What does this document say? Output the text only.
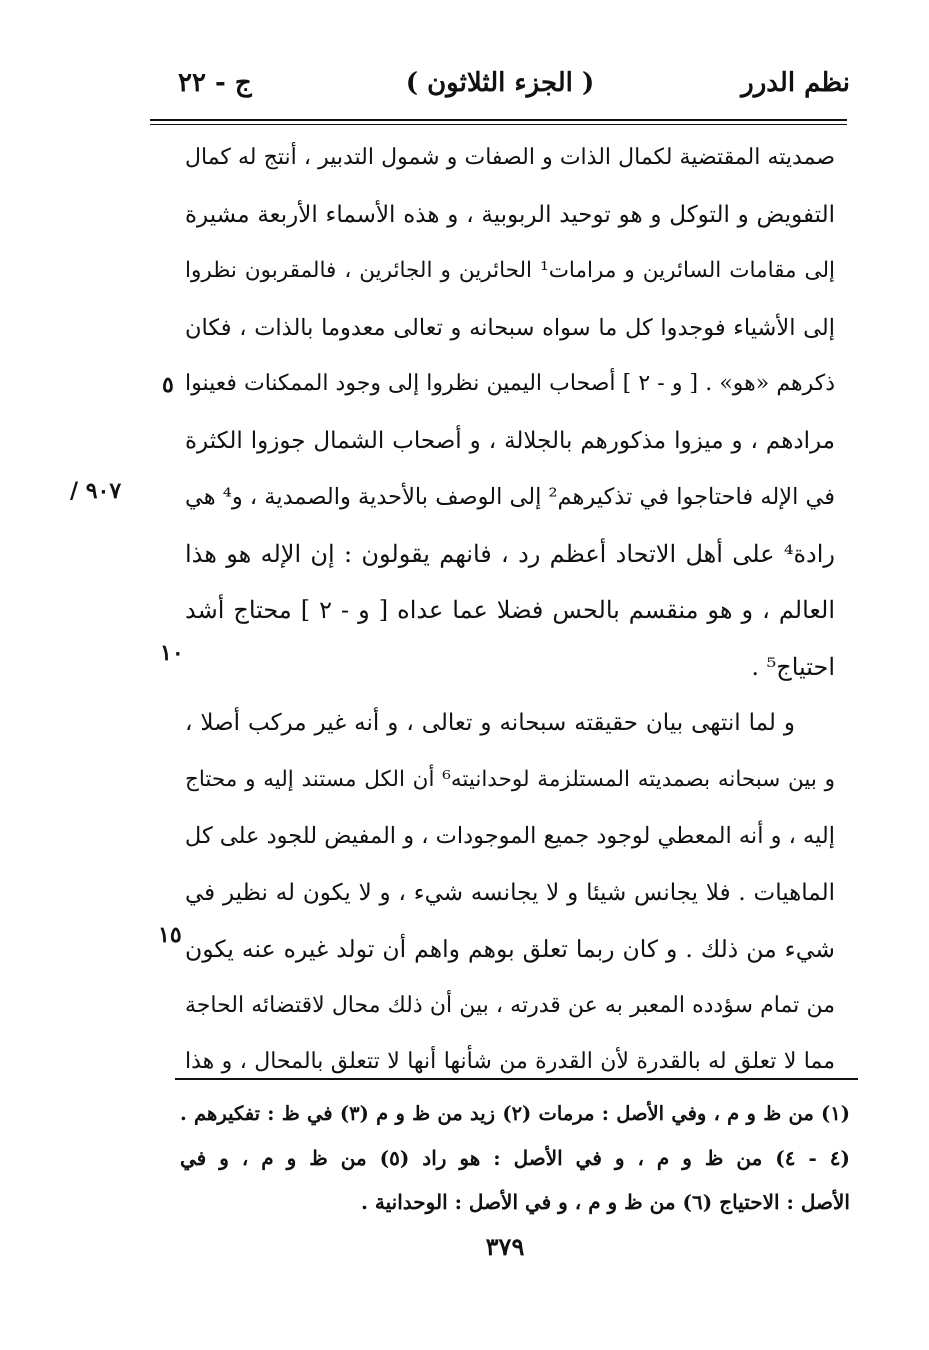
نظم الدرر
( الجزء الثلاثون )
ج - ٢٢
صمديته المقتضية لكمال الذات و الصفات و شمول التدبير ، أنتج له كمال
التفويض و التوكل و هو توحيد الربوبية ، و هذه الأسماء الأربعة مشيرة
إلى مقامات السائرين و مرامات¹ الحائرين و الجائرين ، فالمقربون نظروا
إلى الأشياء فوجدوا كل ما سواه سبحانه و تعالى معدوما بالذات ، فكان
ذكرهم «هو» . [ و - ٢ ] أصحاب اليمين نظروا إلى وجود الممكنات فعينوا
مرادهم ، و ميزوا مذكورهم بالجلالة ، و أصحاب الشمال جوزوا الكثرة
في الإله فاحتاجوا في تذكيرهم² إلى الوصف بالأحدية والصمدية ، و⁴ هي
رادة⁴ على أهل الاتحاد أعظم رد ، فانهم يقولون : إن الإله هو هذا
العالم ، و هو منقسم بالحس فضلا عما عداه [ و - ٢ ] محتاج أشد
احتياج⁵ .
و لما انتهى بيان حقيقته سبحانه و تعالى ، و أنه غير مركب أصلا ،
و بين سبحانه بصمديته المستلزمة لوحدانيته⁶ أن الكل مستند إليه و محتاج
إليه ، و أنه المعطي لوجود جميع الموجودات ، و المفيض للجود على كل
الماهيات . فلا يجانس شيئا و لا يجانسه شيء ، و لا يكون له نظير في
شيء من ذلك . و كان ربما تعلق بوهم واهم أن تولد غيره عنه يكون
من تمام سؤدده المعبر به عن قدرته ، بين أن ذلك محال لاقتضائه الحاجة
مما لا تعلق له بالقدرة لأن القدرة من شأنها أنها لا تتعلق بالمحال ، و هذا
٥
١٠
١٥
٩٠٧ /
(١) من ظ و م ، وفي الأصل : مرمات (٢) زيد من ظ و م (٣) في ظ : تفكيرهم .
(٤ - ٤) من ظ و م ، و في الأصل : هو راد (٥) من ظ و م ، و في
الأصل : الاحتياج (٦) من ظ و م ، و في الأصل : الوحدانية .
٣٧٩
